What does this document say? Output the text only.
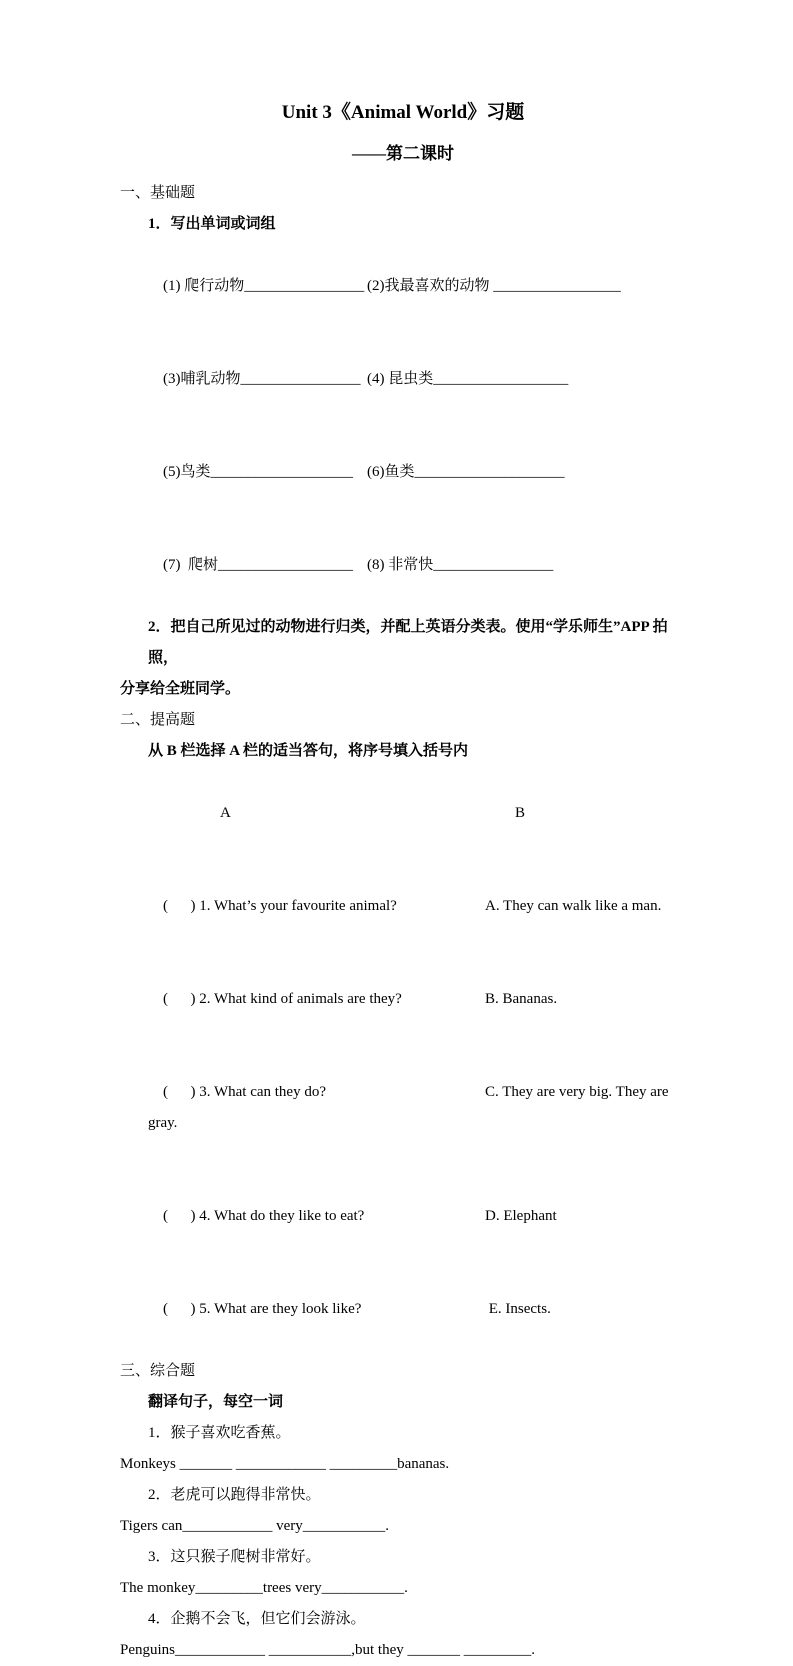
Unit 3《Animal World》习题
——第二课时
一、基础题
1．写出单词或词组

(1) 爬行动物________________ (2)我最喜欢的动物 _________________

(3)哺乳动物________________ (4) 昆虫类__________________

(5)鸟类___________________ (6)鱼类____________________

(7)  爬树__________________ (8) 非常快________________

2．把自己所见过的动物进行归类，并配上英语分类表。使用“学乐师生”APP 拍照，
分享给全班同学。
二、提高题
从 B 栏选择 A 栏的适当答句，将序号填入括号内

A	B

(      ) 1. What’s your favourite animal?	A. They can walk like a man.

(      ) 2. What kind of animals are they?	B. Bananas.

(      ) 3. What can they do?	C. They are very big. They are gray.

(      ) 4. What do they like to eat?	D. Elephant

(      ) 5. What are they look like?	E. Insects.

三、综合题
翻译句子，每空一词
1．猴子喜欢吃香蕉。
Monkeys _______ ____________ _________bananas.
2．老虎可以跑得非常快。
Tigers can____________ very___________.
3．这只猴子爬树非常好。
The monkey_________trees very___________.
4．企鹅不会飞，但它们会游泳。
Penguins____________ ___________,but they _______ _________.
